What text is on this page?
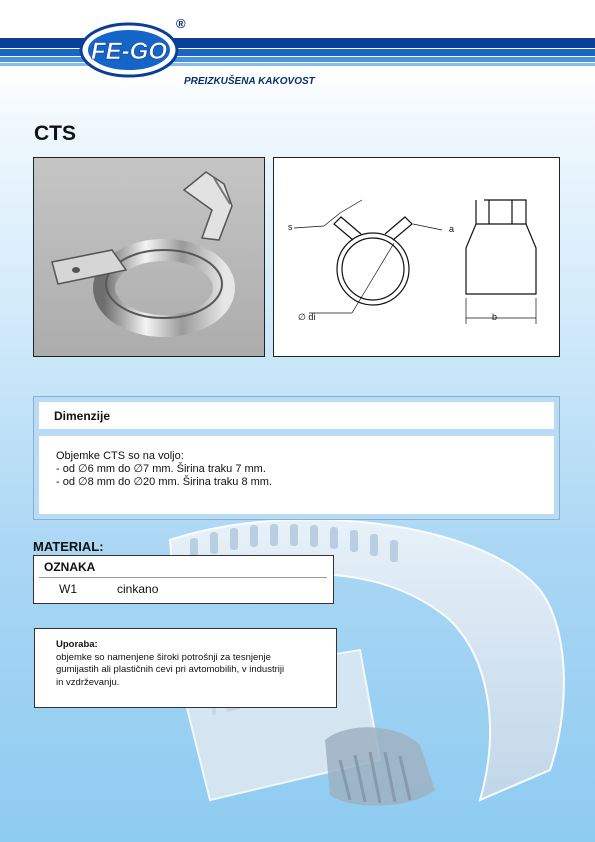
FE-GO
®
PREIZKUŠENA KAKOVOST
CTS
s	a
∅ di	b
Dimenzije
Objemke CTS so na voljo:
- od ∅6 mm do ∅7 mm. Širina traku 7 mm.
- od ∅8 mm do ∅20 mm. Širina traku 8 mm.
MATERIAL:
OZNAKA
W1	cinkano
Uporaba:
objemke so namenjene široki potrošnji za tesnjenje
gumijastih ali plastičnih cevi pri avtomobilih, v industriji
in vzdrževanju.
